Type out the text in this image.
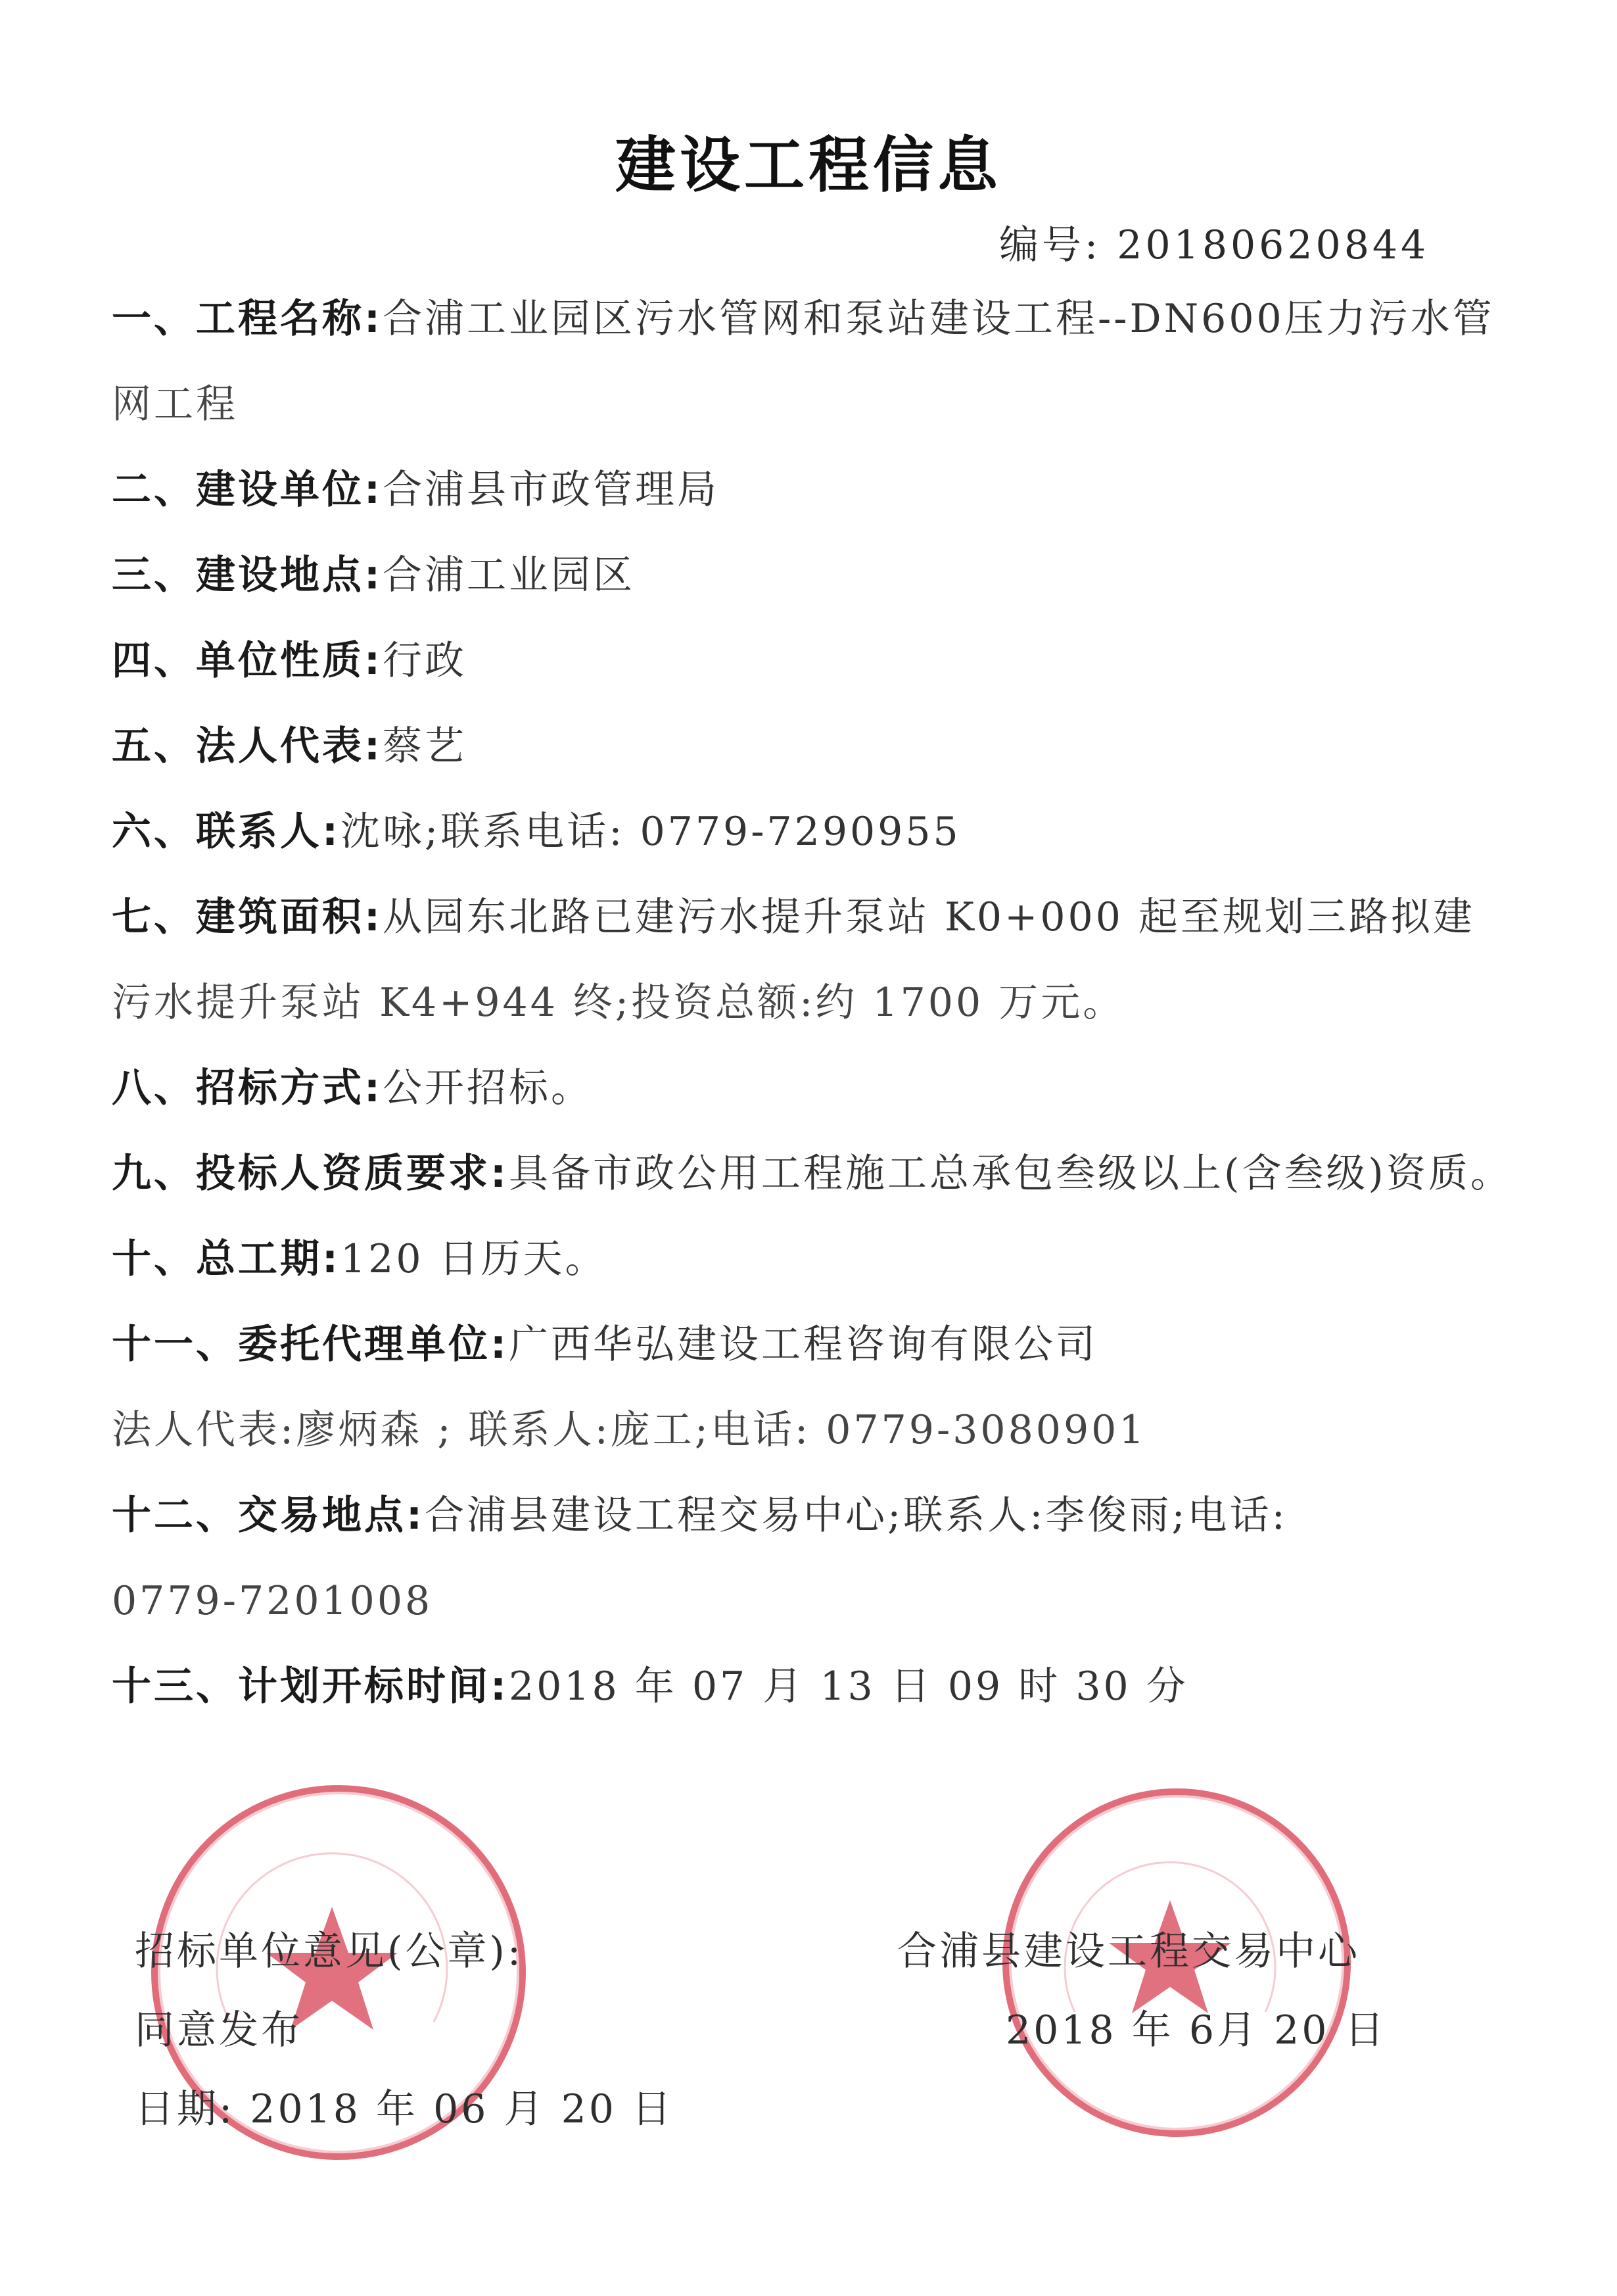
建设工程信息
编号: 20180620844
一、工程名称:合浦工业园区污水管网和泵站建设工程--DN600压力污水管
网工程
二、建设单位:合浦县市政管理局
三、建设地点:合浦工业园区
四、单位性质:行政
五、法人代表:蔡艺
六、联系人:沈咏;联系电话: 0779-7290955
七、建筑面积:从园东北路已建污水提升泵站 K0+000 起至规划三路拟建
污水提升泵站 K4+944 终;投资总额:约 1700 万元。
八、招标方式:公开招标。
九、投标人资质要求:具备市政公用工程施工总承包叁级以上(含叁级)资质。
十、总工期:120 日历天。
十一、委托代理单位:广西华弘建设工程咨询有限公司
法人代表:廖炳森 ; 联系人:庞工;电话: 0779-3080901
十二、交易地点:合浦县建设工程交易中心;联系人:李俊雨;电话:
0779-7201008
十三、计划开标时间:2018 年 07 月 13 日 09 时 30 分
招标单位意见(公章):
同意发布
日期: 2018 年 06 月 20 日
合浦县建设工程交易中心
2018 年 6月 20 日
